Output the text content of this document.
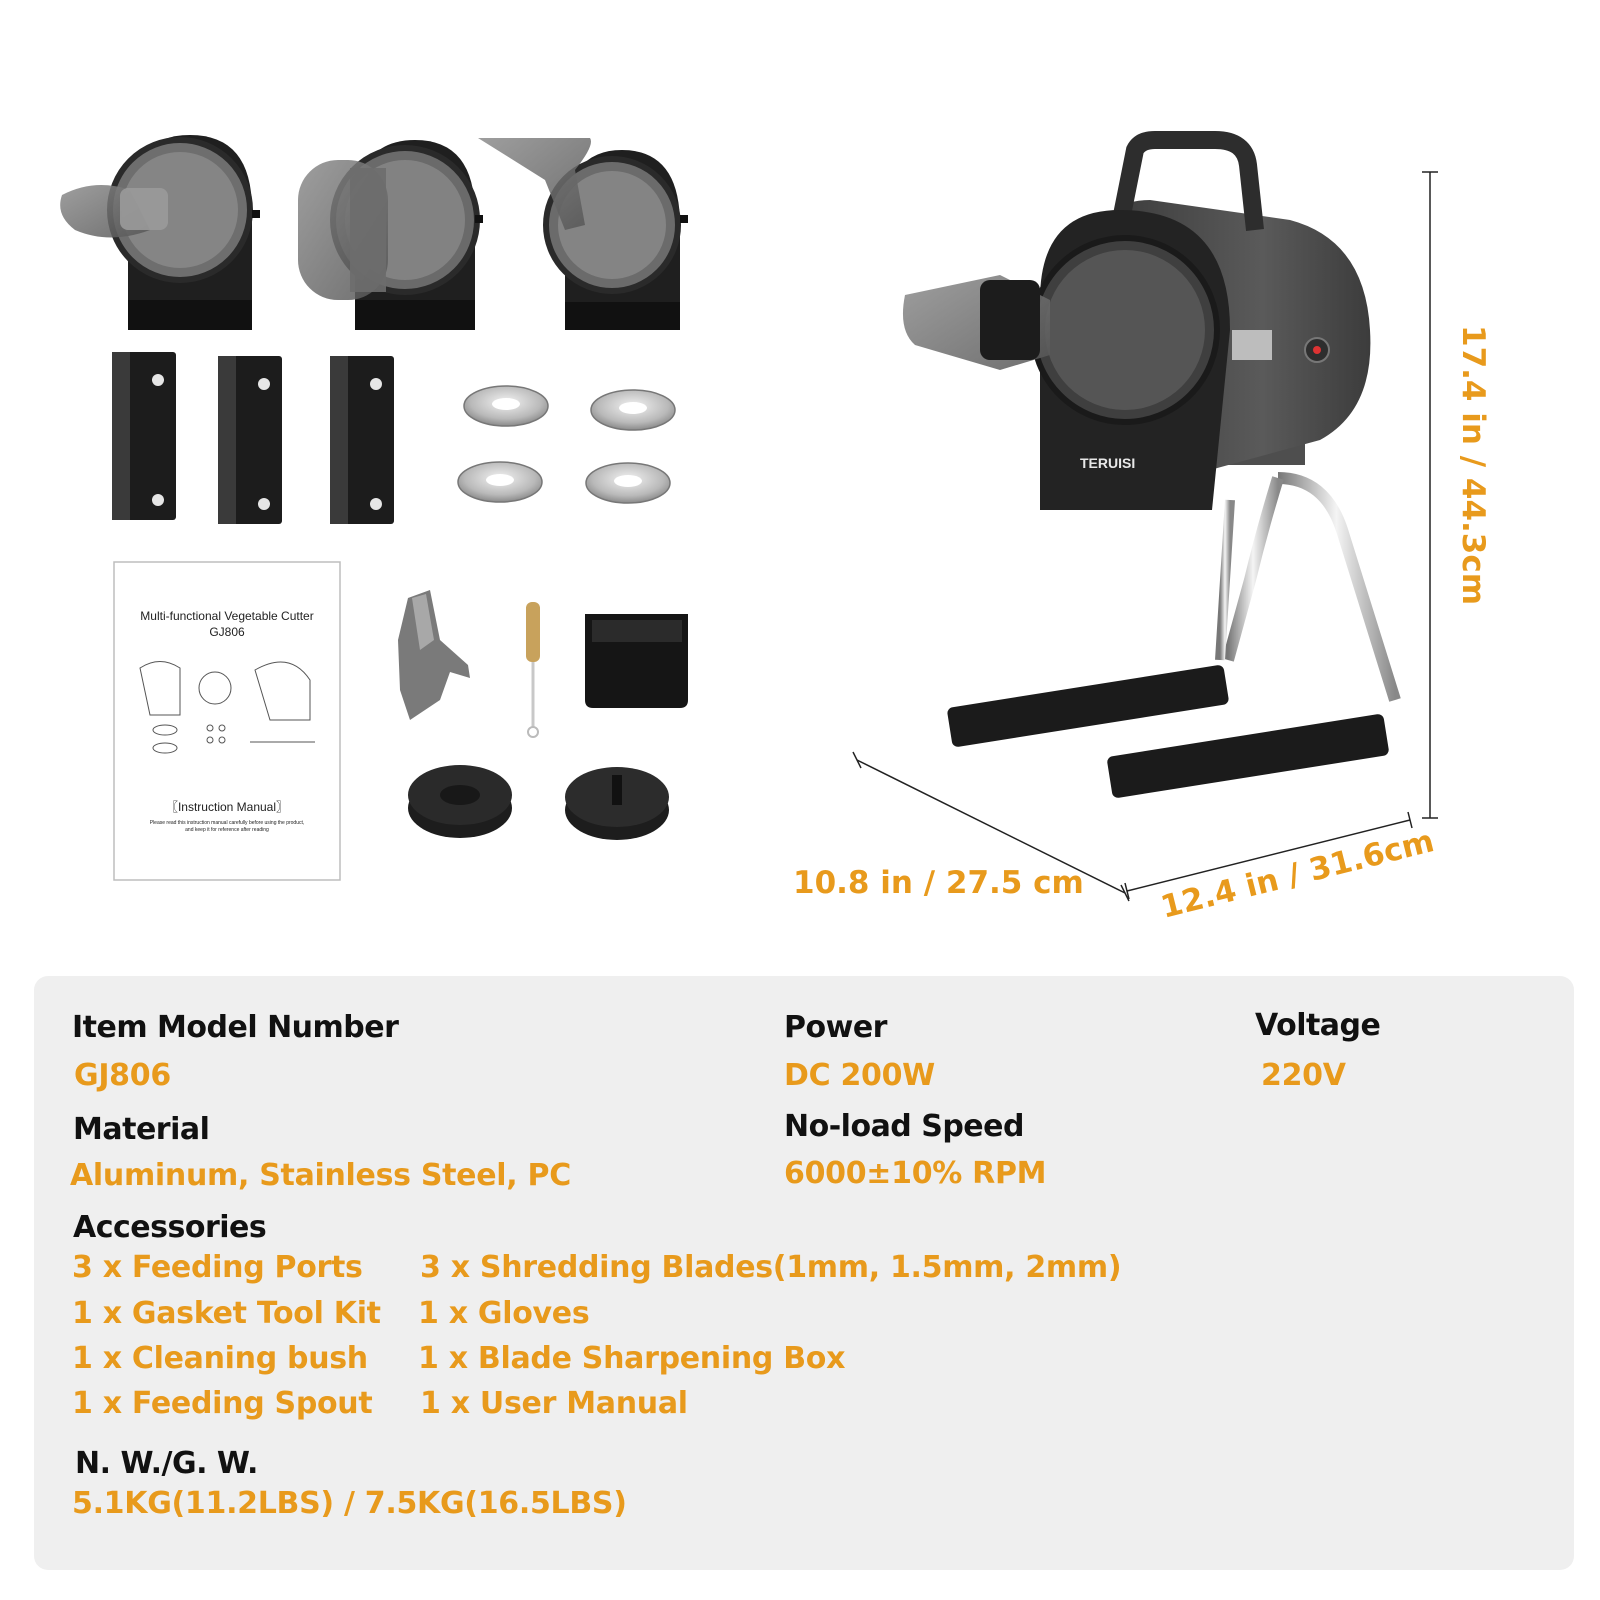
Multi-functional Vegetable Cutter
GJ806
〖Instruction Manual〗
Please read this instruction manual carefully before using the product,
and keep it for reference after reading
TERUISI
10.8 in / 27.5 cm 12.4 in / 31.6cm
17.4 in / 44.3cm
Item Model Number
GJ806
Power
DC 200W
Voltage
220V
Material
Aluminum, Stainless Steel, PC
No-load Speed
6000±10% RPM
Accessories
3 x Feeding Ports 3 x Shredding Blades(1mm, 1.5mm, 2mm)
1 x Gasket Tool Kit 1 x Gloves
1 x Cleaning bush 1 x Blade Sharpening Box
1 x Feeding Spout 1 x User Manual
N. W./G. W.
5.1KG(11.2LBS) / 7.5KG(16.5LBS)
